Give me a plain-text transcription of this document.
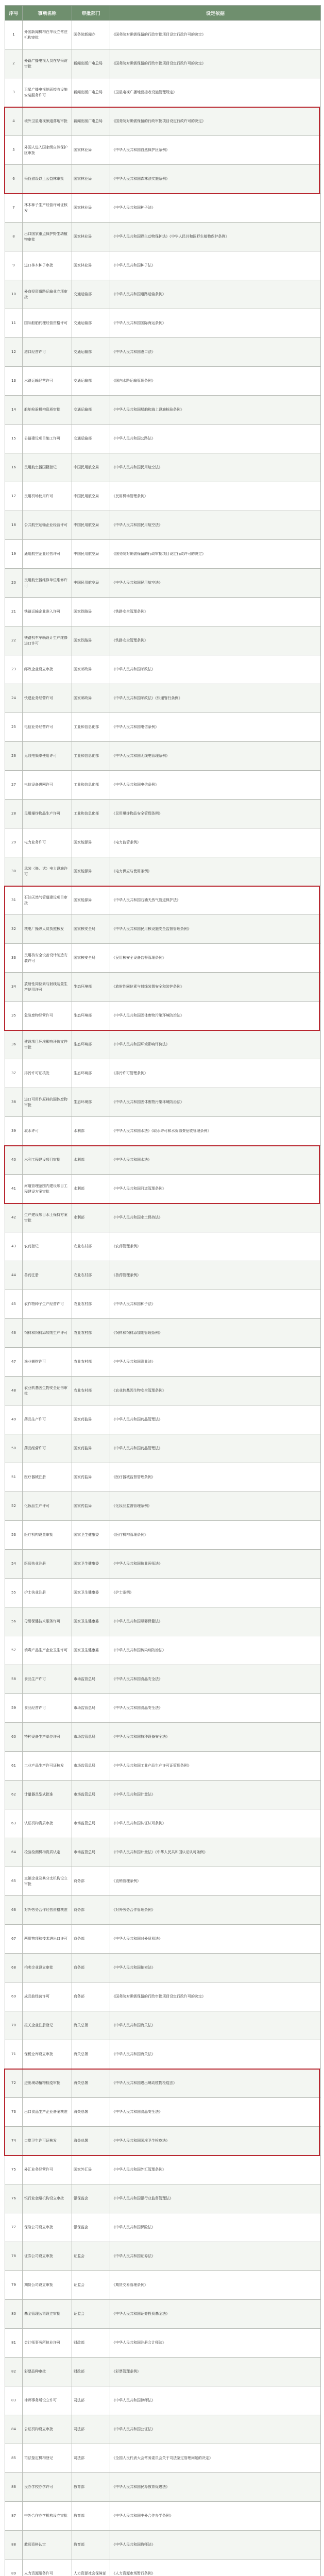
序号	事项名称	审批部门	设定依据
1	外国新闻机构在华设立常驻机构审批	国务院新闻办	《国务院对确需保留的行政审批项目设定行政许可的决定》
2	外籍广播电视人员在华采访审批	新闻出版广电总局	《国务院对确需保留的行政审批项目设定行政许可的决定》
3	卫星广播电视地面接收设施安装服务许可	新闻出版广电总局	《卫星电视广播地面接收设施管理规定》
4	境外卫星电视频道落地审批	新闻出版广电总局	《国务院对确需保留的行政审批项目设定行政许可的决定》
5	外国人进入国家级自然保护区审批	国家林业局	《中华人民共和国自然保护区条例》
6	采伐省级以上公益林审批	国家林业局	《中华人民共和国森林法实施条例》
7	林木种子生产经营许可证核发	国家林业局	《中华人民共和国种子法》
8	出口国家重点保护野生动植物审批	国家林业局	《中华人民共和国野生动物保护法》《中华人民共和国野生植物保护条例》
9	进口林木种子审批	国家林业局	《中华人民共和国种子法》
10	外商投资道路运输业立项审批	交通运输部	《中华人民共和国道路运输条例》
11	国际船舶代理经营资格许可	交通运输部	《中华人民共和国国际海运条例》
12	港口经营许可	交通运输部	《中华人民共和国港口法》
13	水路运输经营许可	交通运输部	《国内水路运输管理条例》
14	船舶检验机构资质审批	交通运输部	《中华人民共和国船舶和海上设施检验条例》
15	公路建设项目施工许可	交通运输部	《中华人民共和国公路法》
16	民用航空器国籍登记	中国民用航空局	《中华人民共和国民用航空法》
17	民用机场使用许可	中国民用航空局	《民用机场管理条例》
18	公共航空运输企业经营许可	中国民用航空局	《中华人民共和国民用航空法》
19	通用航空企业经营许可	中国民用航空局	《国务院对确需保留的行政审批项目设定行政许可的决定》
20	民用航空器维修单位维修许可	中国民用航空局	《中华人民共和国民用航空法》
21	铁路运输企业准入许可	国家铁路局	《铁路安全管理条例》
22	铁路机车车辆设计生产维修进口许可	国家铁路局	《铁路安全管理条例》
23	邮政企业设立审批	国家邮政局	《中华人民共和国邮政法》
24	快递业务经营许可	国家邮政局	《中华人民共和国邮政法》《快递暂行条例》
25	电信业务经营许可	工业和信息化部	《中华人民共和国电信条例》
26	无线电频率使用许可	工业和信息化部	《中华人民共和国无线电管理条例》
27	电信设备进网许可	工业和信息化部	《中华人民共和国电信条例》
28	民用爆炸物品生产许可	工业和信息化部	《民用爆炸物品安全管理条例》
29	电力业务许可	国家能源局	《电力监管条例》
30	承装（修、试）电力设施许可	国家能源局	《电力供应与使用条例》
31	石油天然气管道建设项目审批	国家能源局	《中华人民共和国石油天然气管道保护法》
32	核电厂操纵人员执照核发	国家核安全局	《中华人民共和国民用核设施安全监督管理条例》
33	民用核安全设备设计制造安装许可	国家核安全局	《民用核安全设备监督管理条例》
34	放射性同位素与射线装置生产使用许可	生态环境部	《放射性同位素与射线装置安全和防护条例》
35	危险废物经营许可	生态环境部	《中华人民共和国固体废物污染环境防治法》
36	建设项目环境影响评价文件审批	生态环境部	《中华人民共和国环境影响评价法》
37	排污许可证核发	生态环境部	《排污许可管理条例》
38	进口可用作原料的固体废物审批	生态环境部	《中华人民共和国固体废物污染环境防治法》
39	取水许可	水利部	《中华人民共和国水法》《取水许可和水资源费征收管理条例》
40	水利工程建设项目审批	水利部	《中华人民共和国水法》
41	河道管理范围内建设项目工程建设方案审批	水利部	《中华人民共和国河道管理条例》
42	生产建设项目水土保持方案审批	水利部	《中华人民共和国水土保持法》
43	农药登记	农业农村部	《农药管理条例》
44	兽药注册	农业农村部	《兽药管理条例》
45	农作物种子生产经营许可	农业农村部	《中华人民共和国种子法》
46	饲料和饲料添加剂生产许可	农业农村部	《饲料和饲料添加剂管理条例》
47	渔业捕捞许可	农业农村部	《中华人民共和国渔业法》
48	农业转基因生物安全证书审批	农业农村部	《农业转基因生物安全管理条例》
49	药品生产许可	国家药监局	《中华人民共和国药品管理法》
50	药品经营许可	国家药监局	《中华人民共和国药品管理法》
51	医疗器械注册	国家药监局	《医疗器械监督管理条例》
52	化妆品生产许可	国家药监局	《化妆品监督管理条例》
53	医疗机构设置审批	国家卫生健康委	《医疗机构管理条例》
54	医师执业注册	国家卫生健康委	《中华人民共和国执业医师法》
55	护士执业注册	国家卫生健康委	《护士条例》
56	母婴保健技术服务许可	国家卫生健康委	《中华人民共和国母婴保健法》
57	消毒产品生产企业卫生许可	国家卫生健康委	《中华人民共和国传染病防治法》
58	食品生产许可	市场监管总局	《中华人民共和国食品安全法》
59	食品经营许可	市场监管总局	《中华人民共和国食品安全法》
60	特种设备生产单位许可	市场监管总局	《中华人民共和国特种设备安全法》
61	工业产品生产许可证核发	市场监管总局	《中华人民共和国工业产品生产许可证管理条例》
62	计量器具型式批准	市场监管总局	《中华人民共和国计量法》
63	认证机构资质审批	市场监管总局	《中华人民共和国认证认可条例》
64	检验检测机构资质认定	市场监管总局	《中华人民共和国计量法》《中华人民共和国认证认可条例》
65	直销企业及其分支机构设立审批	商务部	《直销管理条例》
66	对外劳务合作经营资格核准	商务部	《对外劳务合作管理条例》
67	两用物项和技术进出口许可	商务部	《中华人民共和国对外贸易法》
68	拍卖企业设立审批	商务部	《中华人民共和国拍卖法》
69	成品油经营许可	商务部	《国务院对确需保留的行政审批项目设定行政许可的决定》
70	报关企业注册登记	海关总署	《中华人民共和国海关法》
71	保税仓库设立审批	海关总署	《中华人民共和国海关法》
72	进出境动植物检疫审批	海关总署	《中华人民共和国进出境动植物检疫法》
73	出口食品生产企业备案核准	海关总署	《中华人民共和国食品安全法》
74	口岸卫生许可证核发	海关总署	《中华人民共和国国境卫生检疫法》
75	外汇业务经营许可	国家外汇局	《中华人民共和国外汇管理条例》
76	银行业金融机构设立审批	银保监会	《中华人民共和国银行业监督管理法》
77	保险公司设立审批	银保监会	《中华人民共和国保险法》
78	证券公司设立审批	证监会	《中华人民共和国证券法》
79	期货公司设立审批	证监会	《期货交易管理条例》
80	基金管理公司设立审批	证监会	《中华人民共和国证券投资基金法》
81	会计师事务所执业许可	财政部	《中华人民共和国注册会计师法》
82	彩票品种审批	财政部	《彩票管理条例》
83	律师事务所设立许可	司法部	《中华人民共和国律师法》
84	公证机构设立审批	司法部	《中华人民共和国公证法》
85	司法鉴定机构登记	司法部	《全国人民代表大会常务委员会关于司法鉴定管理问题的决定》
86	民办学校办学许可	教育部	《中华人民共和国民办教育促进法》
87	中外合作办学机构设立审批	教育部	《中华人民共和国中外合作办学条例》
88	教师资格认定	教育部	《中华人民共和国教师法》
89	人力资源服务许可	人力资源社会保障部	《人力资源市场暂行条例》
